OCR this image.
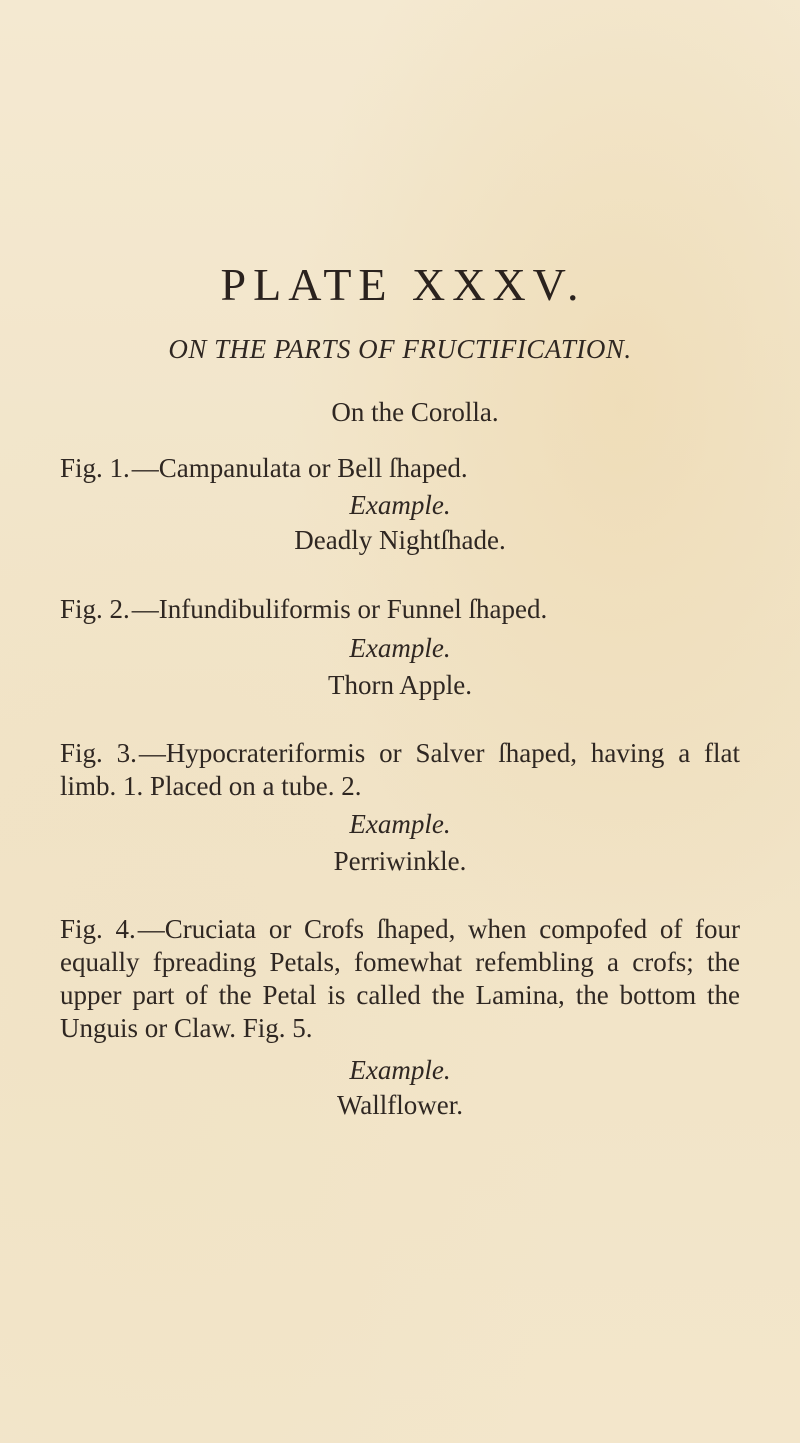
PLATE XXXV.
ON THE PARTS OF FRUCTIFICATION.
On the Corolla.
Fig. 1.—Campanulata or Bell ſhaped.
Example.
Deadly Nightſhade.
Fig. 2.—Infundibuliformis or Funnel ſhaped.
Example.
Thorn Apple.
Fig. 3.—Hypocrateriformis or Salver ſhaped, having a flat limb. 1. Placed on a tube. 2.
Example.
Perriwinkle.
Fig. 4.—Cruciata or Crofs ſhaped, when compofed of four equally fpreading Petals, fomewhat refembling a crofs; the upper part of the Petal is called the Lamina, the bottom the Unguis or Claw. Fig. 5.
Example.
Wallflower.
